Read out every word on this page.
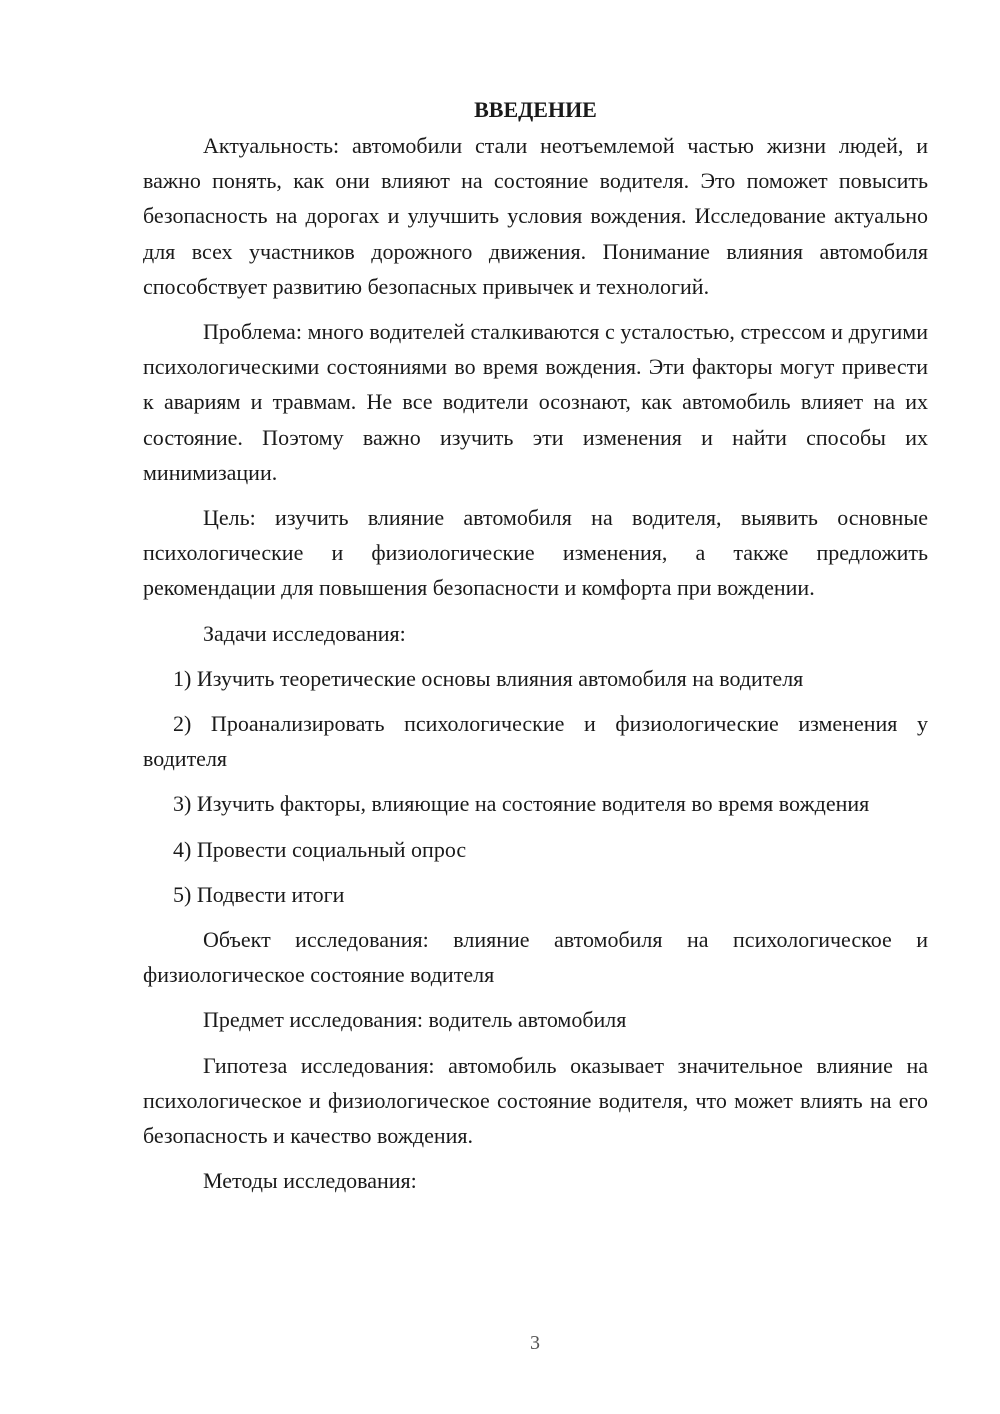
ВВЕДЕНИЕ

Актуальность: автомобили стали неотъемлемой частью жизни людей, и важно понять, как они влияют на состояние водителя. Это поможет повысить безопасность на дорогах и улучшить условия вождения. Исследование актуально для всех участников дорожного движения. Понимание влияния автомобиля способствует развитию безопасных привычек и технологий.

Проблема: много водителей сталкиваются с усталостью, стрессом и другими психологическими состояниями во время вождения. Эти факторы могут привести к авариям и травмам. Не все водители осознают, как автомобиль влияет на их состояние. Поэтому важно изучить эти изменения и найти способы их минимизации.

Цель: изучить влияние автомобиля на водителя, выявить основные психологические и физиологические изменения, а также предложить рекомендации для повышения безопасности и комфорта при вождении.

Задачи исследования:

1) Изучить теоретические основы влияния автомобиля на водителя

2) Проанализировать психологические и физиологические изменения у водителя

3) Изучить факторы, влияющие на состояние водителя во время вождения

4) Провести социальный опрос

5) Подвести итоги

Объект исследования: влияние автомобиля на психологическое и физиологическое состояние водителя

Предмет исследования: водитель автомобиля

Гипотеза исследования: автомобиль оказывает значительное влияние на психологическое и физиологическое состояние водителя, что может влиять на его безопасность и качество вождения.

Методы исследования:

3
